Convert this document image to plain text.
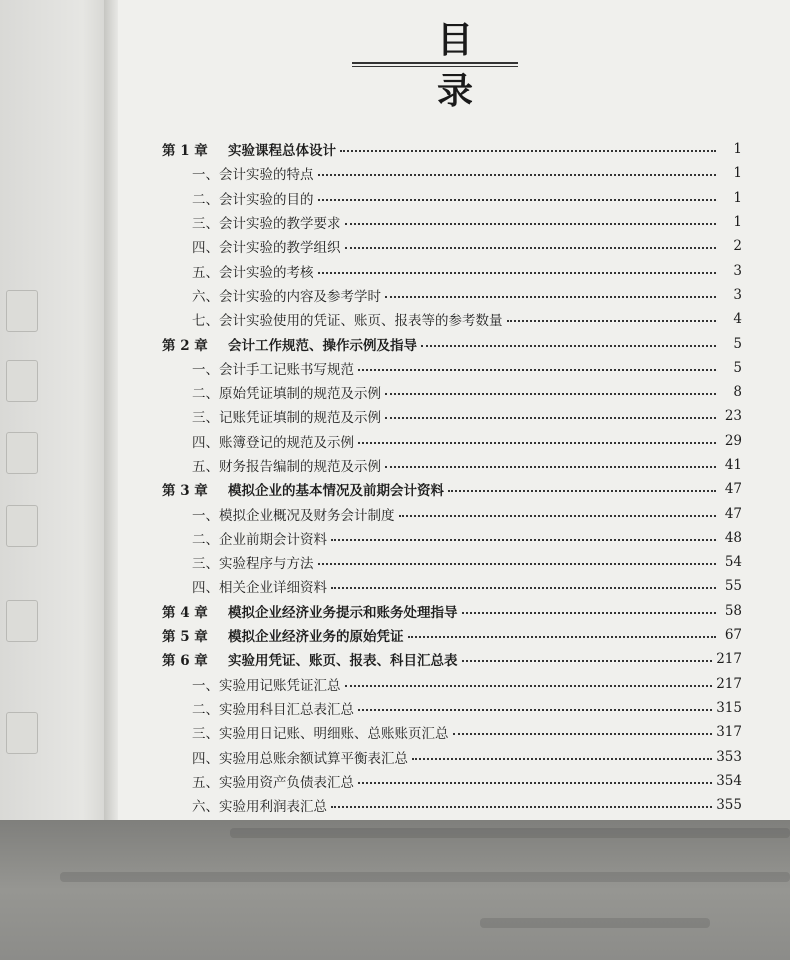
目 录
第 1 章	实验课程总体设计	1
一、会计实验的特点	1
二、会计实验的目的	1
三、会计实验的教学要求	1
四、会计实验的教学组织	2
五、会计实验的考核	3
六、会计实验的内容及参考学时	3
七、会计实验使用的凭证、账页、报表等的参考数量	4
第 2 章	会计工作规范、操作示例及指导	5
一、会计手工记账书写规范	5
二、原始凭证填制的规范及示例	8
三、记账凭证填制的规范及示例	23
四、账簿登记的规范及示例	29
五、财务报告编制的规范及示例	41
第 3 章	模拟企业的基本情况及前期会计资料	47
一、模拟企业概况及财务会计制度	47
二、企业前期会计资料	48
三、实验程序与方法	54
四、相关企业详细资料	55
第 4 章	模拟企业经济业务提示和账务处理指导	58
第 5 章	模拟企业经济业务的原始凭证	67
第 6 章	实验用凭证、账页、报表、科目汇总表	217
一、实验用记账凭证汇总	217
二、实验用科目汇总表汇总	315
三、实验用日记账、明细账、总账账页汇总	317
四、实验用总账余额试算平衡表汇总	353
五、实验用资产负债表汇总	354
六、实验用利润表汇总	355
